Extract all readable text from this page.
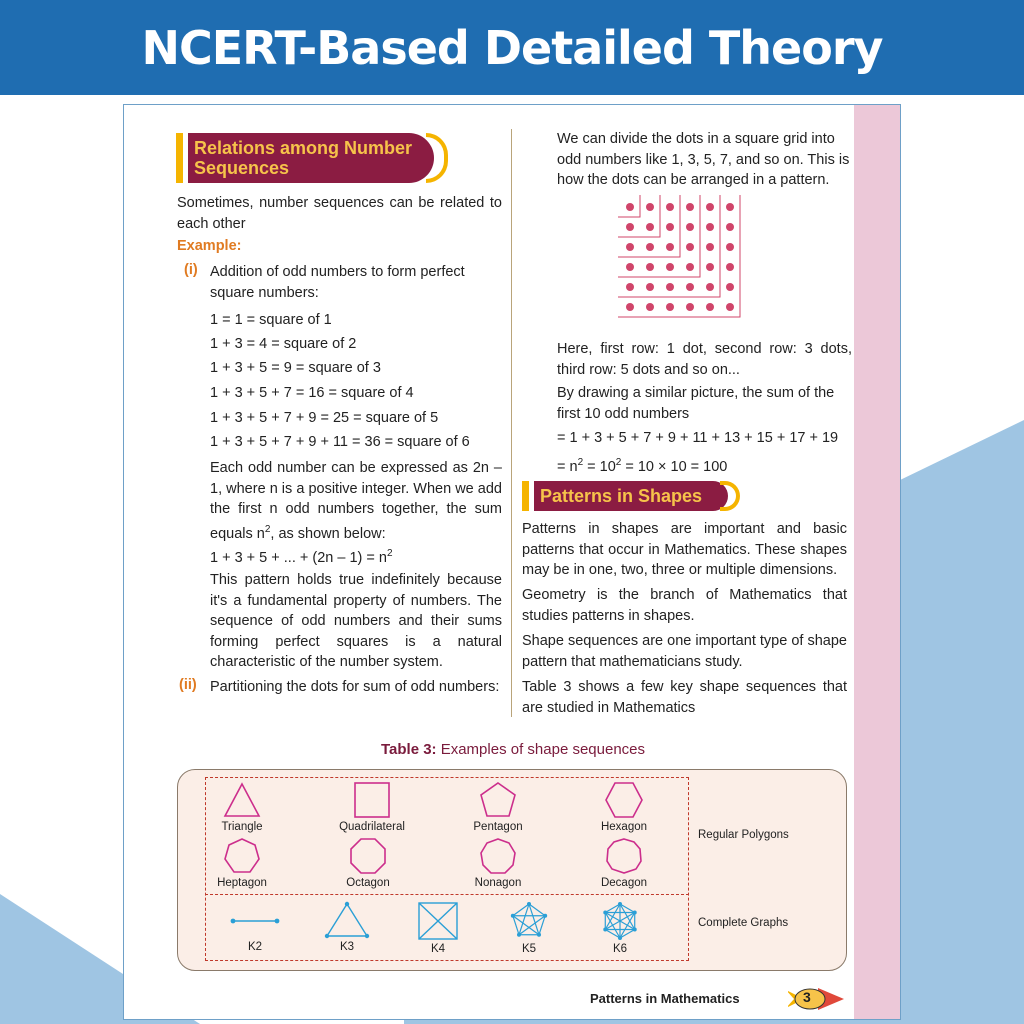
NCERT-Based Detailed Theory
Relations among Number
Sequences
Sometimes, number sequences can be related to each other
Example:
(i) Addition of odd numbers to form perfect square numbers:
1 = 1 = square of 1
1 + 3 = 4 = square of 2
1 + 3 + 5 = 9 = square of 3
1 + 3 + 5 + 7 = 16 = square of 4
1 + 3 + 5 + 7 + 9 = 25 = square of 5
1 + 3 + 5 + 7 + 9 + 11 = 36 = square of 6
Each odd number can be expressed as 2n – 1, where n is a positive integer. When we add the first n odd numbers together, the sum equals $n^2$, as shown below:
1 + 3 + 5 + ... + $(2n - 1) = n^2$
This pattern holds true indefinitely because it's a fundamental property of numbers. The sequence of odd numbers and their sums forming perfect squares is a natural characteristic of the number system.
(ii) Partitioning the dots for sum of odd numbers:
We can divide the dots in a square grid into odd numbers like 1, 3, 5, 7, and so on. This is how the dots can be arranged in a pattern.
Here, first row: 1 dot, second row: 3 dots, third row: 5 dots and so on...
By drawing a similar picture, the sum of the first 10 odd numbers
= 1 + 3 + 5 + 7 + 9 + 11 + 13 + 15 + 17 + 19
= $n^2 = 10^2 = 10 \times 10 = 100$
Patterns in Shapes
Patterns in shapes are important and basic patterns that occur in Mathematics. These shapes may be in one, two, three or multiple dimensions.
Geometry is the branch of Mathematics that studies patterns in shapes.
Shape sequences are one important type of shape pattern that mathematicians study.
Table 3 shows a few key shape sequences that are studied in Mathematics
Table 3: Examples of shape sequences
Triangle	Quadrilateral	Pentagon	Hexagon
Heptagon	Octagon	Nonagon	Decagon
Regular Polygons
Complete Graphs
K2	K3	K4	K5	K6
Patterns in Mathematics	3
